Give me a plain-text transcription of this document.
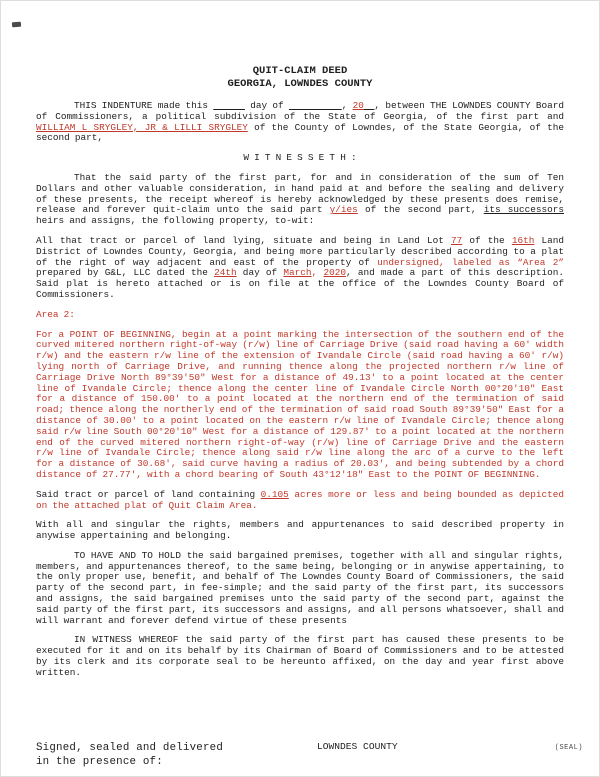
QUIT-CLAIM DEED
GEORGIA, LOWNDES COUNTY

THIS INDENTURE made this	day of	, 20 , between THE LOWNDES COUNTY Board of Commissioners, a political subdivision of the State of Georgia, of the first part and WILLIAM L SRYGLEY, JR & LILLI SRYGLEY of the County of Lowndes, of the State Georgia, of the second part,

W I T N E S S E T H :

That the said party of the first part, for and in consideration of the sum of Ten Dollars and other valuable consideration, in hand paid at and before the sealing and delivery of these presents, the receipt whereof is hereby acknowledged by these presents does remise, release and forever quit-claim unto the said part y/ies of the second part, its successors heirs and assigns, the following property, to-wit:

All that tract or parcel of land lying, situate and being in Land Lot 77 of the 16th Land District of Lowndes County, Georgia, and being more particularly described according to a plat of the right of way adjacent and east of the property of undersigned, labeled as “Area 2” prepared by G&L, LLC dated the 24th day of March, 2020, and made a part of this description. Said plat is hereto attached or is on file at the office of the Lowndes County Board of Commissioners.

Area 2:

For a POINT OF BEGINNING, begin at a point marking the intersection of the southern end of the curved mitered northern right-of-way (r/w) line of Carriage Drive (said road having a 60' width r/w) and the eastern r/w line of the extension of Ivandale Circle (said road having a 60' r/w) lying north of Carriage Drive, and running thence along the projected northern r/w line of Carriage Drive North 89°39'50" West for a distance of 49.13' to a point located at the center line of Ivandale Circle; thence along the center line of Ivandale Circle North 00°20'10" East for a distance of 150.00' to a point located at the northern end of the termination of said road; thence along the northerly end of the termination of said road South 89°39'50" East for a distance of 30.00' to a point located on the eastern r/w line of Ivandale Circle; thence along said r/w line South 00°20'10" West for a distance of 129.87' to a point located at the northern end of the curved mitered northern right-of-way (r/w) line of Carriage Drive and the eastern r/w line of Ivandale Circle; thence along said r/w line along the arc of a curve to the left for a distance of 30.68', said curve having a radius of 20.03', and being subtended by a chord distance of 27.77', with a chord bearing of South 43°12'18" East to the POINT OF BEGINNING.

Said tract or parcel of land containing 0.105 acres more or less and being bounded as depicted on the attached plat of Quit Claim Area.

With all and singular the rights, members and appurtenances to said described property in anywise appertaining and belonging.

TO HAVE AND TO HOLD the said bargained premises, together with all and singular rights, members, and appurtenances thereof, to the same being, belonging or in anywise appertaining, to the only proper use, benefit, and behalf of The Lowndes County Board of Commissioners, the said party of the second part, in fee-simple; and the said party of the first part, its successors and assigns, the said bargained premises unto the said party of the second part, against the said party of the first part, its successors and assigns, and all persons whatsoever, shall and will warrant and forever defend virtue of these presents

IN WITNESS WHEREOF the said party of the first part has caused these presents to be executed for it and on its behalf by its Chairman of Board of Commissioners and to be attested by its clerk and its corporate seal to be hereunto affixed, on the day and year first above written.

Signed, sealed and delivered
in the presence of:
LOWNDES COUNTY	(SEAL)
